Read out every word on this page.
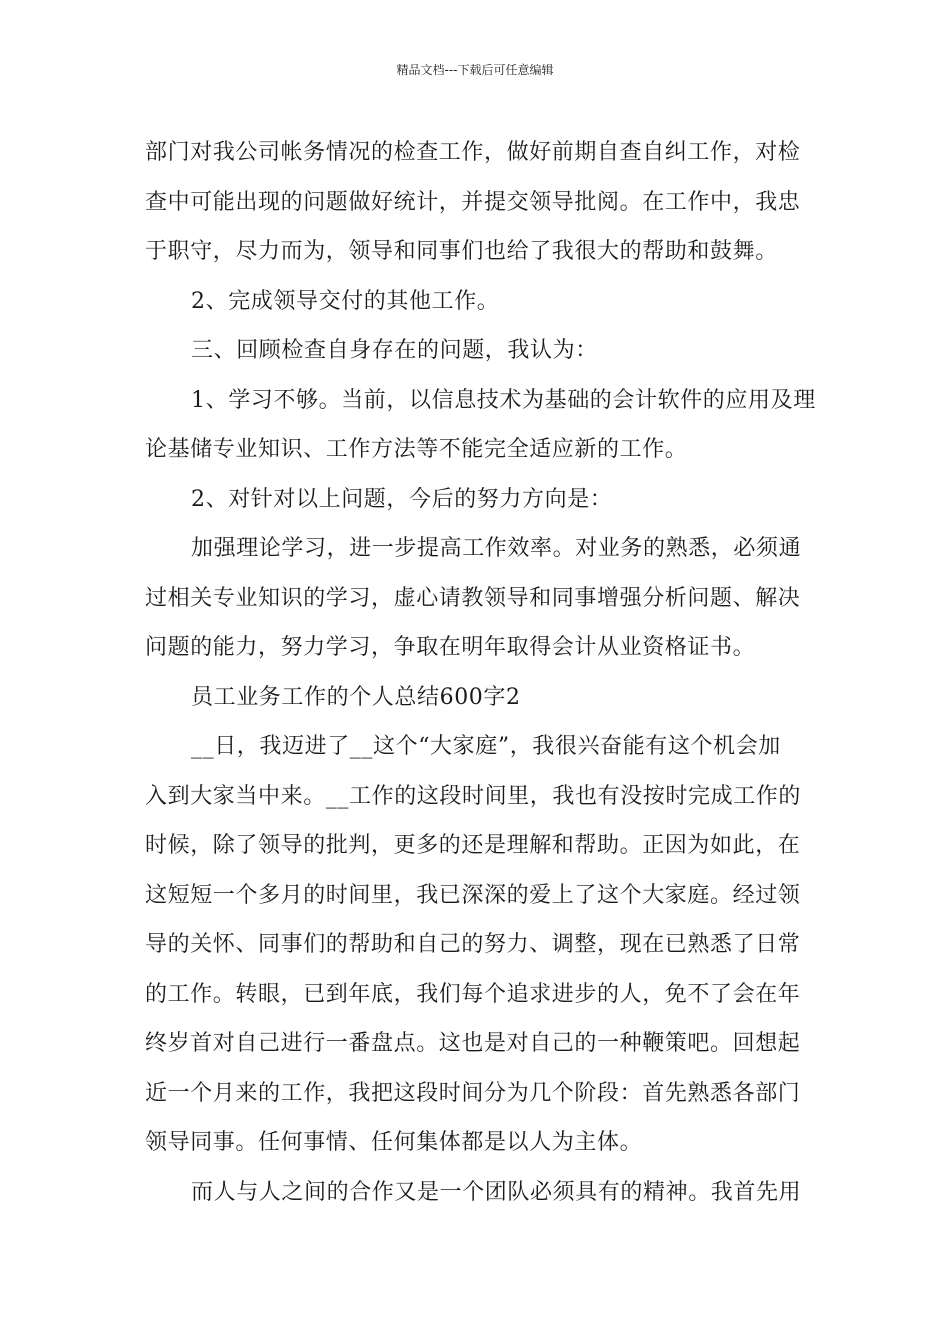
精品文档---下载后可任意编辑

部门对我公司帐务情况的检查工作，做好前期自查自纠工作，对检

查中可能出现的问题做好统计，并提交领导批阅。在工作中，我忠

于职守，尽力而为，领导和同事们也给了我很大的帮助和鼓舞。

2、完成领导交付的其他工作。

三、回顾检查自身存在的问题，我认为：

1、学习不够。当前，以信息技术为基础的会计软件的应用及理

论基储专业知识、工作方法等不能完全适应新的工作。

2、对针对以上问题，今后的努力方向是：

加强理论学习，进一步提高工作效率。对业务的熟悉，必须通

过相关专业知识的学习，虚心请教领导和同事增强分析问题、解决

问题的能力，努力学习，争取在明年取得会计从业资格证书。

员工业务工作的个人总结600字2

__日，我迈进了__这个“大家庭”，我很兴奋能有这个机会加

入到大家当中来。__工作的这段时间里，我也有没按时完成工作的

时候，除了领导的批判，更多的还是理解和帮助。正因为如此，在

这短短一个多月的时间里，我已深深的爱上了这个大家庭。经过领

导的关怀、同事们的帮助和自己的努力、调整，现在已熟悉了日常

的工作。转眼，已到年底，我们每个追求进步的人，免不了会在年

终岁首对自己进行一番盘点。这也是对自己的一种鞭策吧。回想起

近一个月来的工作，我把这段时间分为几个阶段：首先熟悉各部门

领导同事。任何事情、任何集体都是以人为主体。

而人与人之间的合作又是一个团队必须具有的精神。我首先用
